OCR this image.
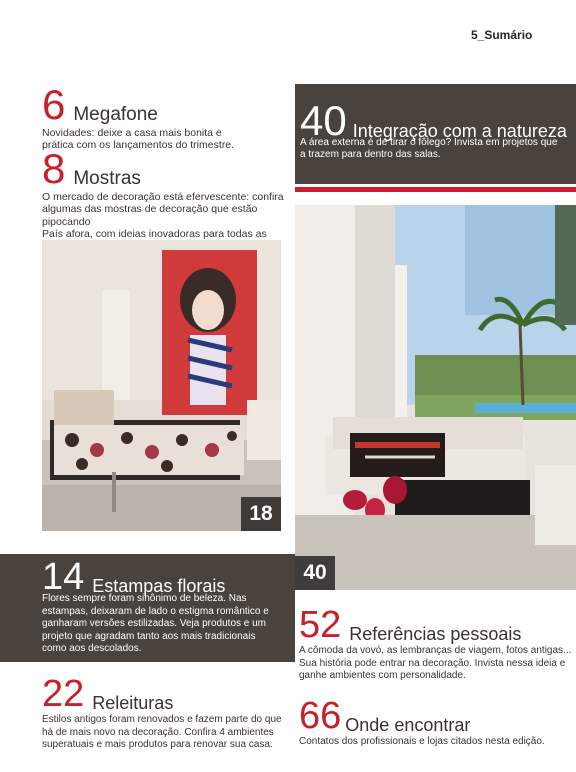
5_Sumário
6 Megafone
Novidades: deixe a casa mais bonita e
prática com os lançamentos do trimestre.
8 Mostras
O mercado de decoração está efervescente: confira
algumas das mostras de decoração que estão pipocando
País afora, com ideias inovadoras para todas as
40 Integração com a natureza
A área externa é de tirar o fôlego? Invista em projetos que
a trazem para dentro das salas.
18
40
14 Estampas florais
Flores sempre foram sinônimo de beleza. Nas
estampas, deixaram de lado o estigma romântico e
ganharam versões estilizadas. Veja produtos e um
projeto que agradam tanto aos mais tradicionais
como aos descolados.
22 Releituras
Estilos antigos foram renovados e fazem parte do que
há de mais novo na decoração. Confira 4 ambientes
superatuais e mais produtos para renovar sua casa.
52 Referências pessoais
A cômoda da vovó, as lembranças de viagem, fotos antigas...
Sua história pode entrar na decoração. Invista nessa ideia e
ganhe ambientes com personalidade.
66 Onde encontrar
Contatos dos profissionais e lojas citados nesta edição.
